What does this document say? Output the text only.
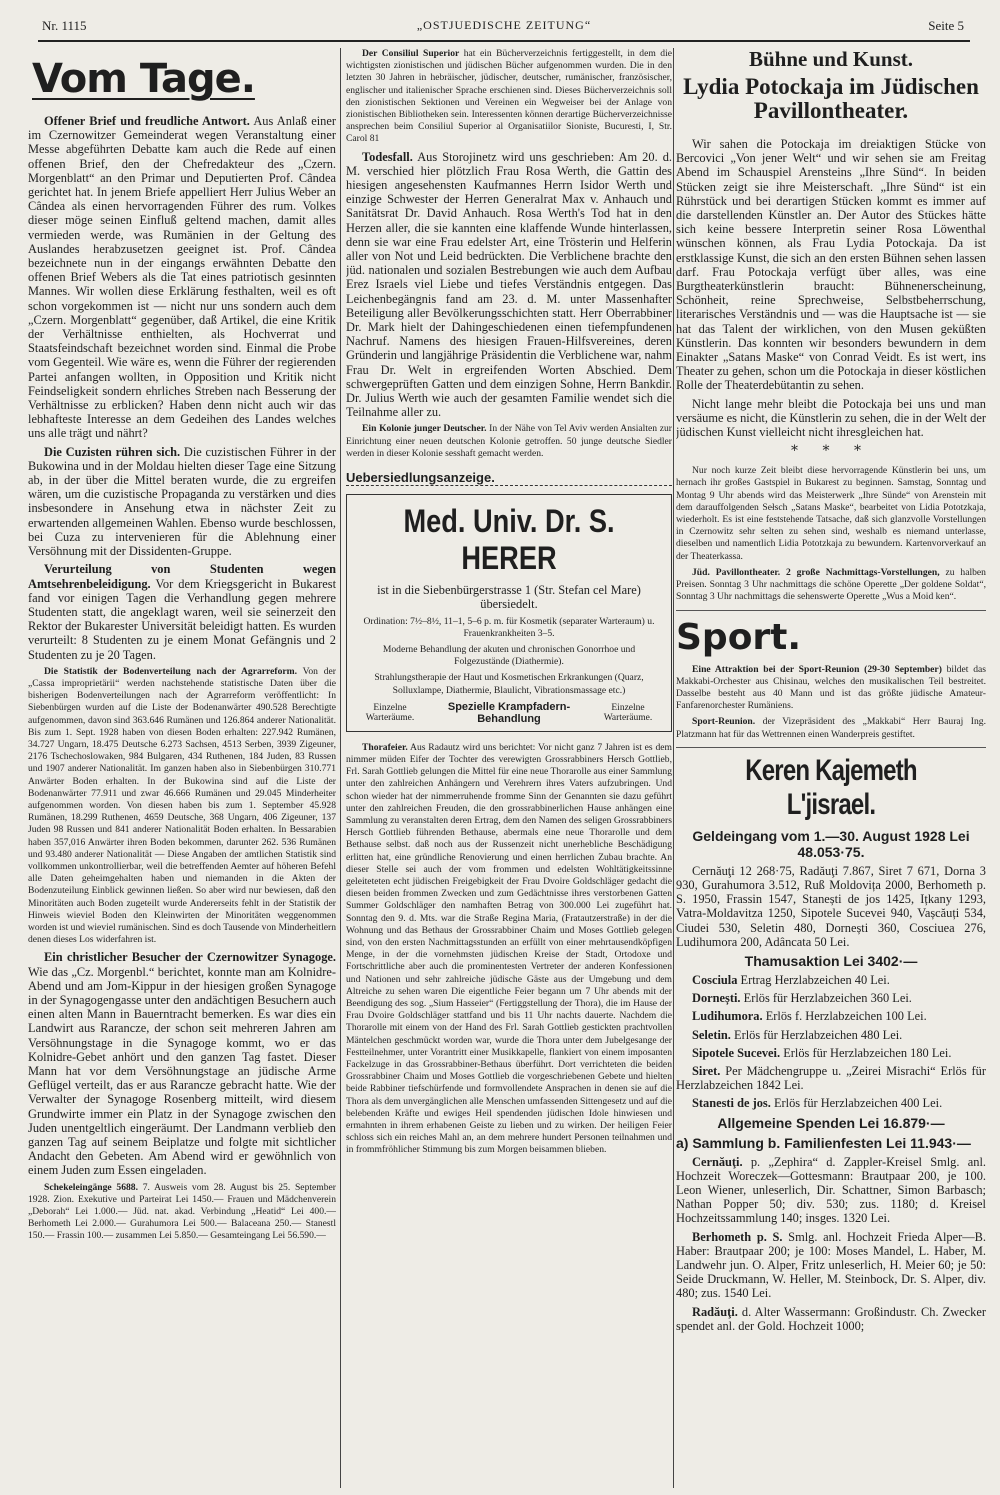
Nr. 1115	„OSTJUEDISCHE ZEITUNG“	Seite 5
Vom Tage.

Offener Brief und freudliche Antwort. Aus Anlaß einer im Czernowitzer Gemeinderat wegen Veranstaltung einer Messe abgeführten Debatte kam auch die Rede auf einen offenen Brief, den der Chefredakteur des „Czern. Morgenblatt“ an den Primar und Deputierten Prof. Cândea gerichtet hat. In jenem Briefe appelliert Herr Julius Weber an Cândea als einen hervorragenden Führer des rum. Volkes dieser möge seinen Einfluß geltend machen, damit alles vermieden werde, was Rumänien in der Geltung des Auslandes herabzusetzen geeignet ist. Prof. Cândea bezeichnete nun in der eingangs erwähnten Debatte den offenen Brief Webers als die Tat eines patriotisch gesinnten Mannes. Wir wollen diese Erklärung festhalten, weil es oft schon vorgekommen ist — nicht nur uns sondern auch dem „Czern. Morgenblatt“ gegenüber, daß Artikel, die eine Kritik der Verhältnisse enthielten, als Hochverrat und Staatsfeindschaft bezeichnet worden sind. Einmal die Probe vom Gegenteil. Wie wäre es, wenn die Führer der regierenden Partei anfangen wollten, in Opposition und Kritik nicht Feindseligkeit sondern ehrliches Streben nach Besserung der Verhältnisse zu erblicken? Haben denn nicht auch wir das lebhafteste Interesse an dem Gedeihen des Landes welches uns alle trägt und nährt?

Die Cuzisten rühren sich. Die cuzistischen Führer in der Bukowina und in der Moldau hielten dieser Tage eine Sitzung ab, in der über die Mittel beraten wurde, die zu ergreifen wären, um die cuzistische Propaganda zu verstärken und dies insbesondere in Ansehung etwa in nächster Zeit zu erwartenden allgemeinen Wahlen. Ebenso wurde beschlossen, bei Cuza zu intervenieren für die Ablehnung einer Versöhnung mit der Dissidenten-Gruppe.

Verurteilung von Studenten wegen Amtsehrenbeleidigung. Vor dem Kriegsgericht in Bukarest fand vor einigen Tagen die Verhandlung gegen mehrere Studenten statt, die angeklagt waren, weil sie seinerzeit den Rektor der Bukarester Universität beleidigt hatten. Es wurden verurteilt: 8 Studenten zu je einem Monat Gefängnis und 2 Studenten zu je 20 Tagen.

Die Statistik der Bodenverteilung nach der Agrarreform. Von der „Cassa improprietärii“ werden nachstehende statistische Daten über die bisherigen Bodenverteilungen nach der Agrarreform veröffentlicht: In Siebenbürgen wurden auf die Liste der Bodenanwärter 490.528 Berechtigte aufgenommen, davon sind 363.646 Rumänen und 126.864 anderer Nationalität. Bis zum 1. Sept. 1928 haben von diesen Boden erhalten: 227.942 Rumänen, 34.727 Ungarn, 18.475 Deutsche 6.273 Sachsen, 4513 Serben, 3939 Zigeuner, 2176 Tschechoslowaken, 984 Bulgaren, 434 Ruthenen, 184 Juden, 83 Russen und 1907 anderer Nationalität. Im ganzen haben also in Siebenbürgen 310.771 Anwärter Boden erhalten. In der Bukowina sind auf die Liste der Bodenanwärter 77.911 und zwar 46.666 Rumänen und 29.045 Minderheiter aufgenommen worden. Von diesen haben bis zum 1. September 45.928 Rumänen, 18.299 Ruthenen, 4659 Deutsche, 368 Ungarn, 406 Zigeuner, 137 Juden 98 Russen und 841 anderer Nationalität Boden erhalten. In Bessarabien haben 357,016 Anwärter ihren Boden bekommen, darunter 262. 536 Rumänen und 93.480 anderer Nationalität — Diese Angaben der amtlichen Statistik sind vollkommen unkontrollierbar, weil die betreffenden Aemter auf höheren Befehl alle Daten geheimgehalten haben und niemanden in die Akten der Bodenzuteilung Einblick gewinnen ließen. So aber wird nur bewiesen, daß den Minoritäten auch Boden zugeteilt wurde Andererseits fehlt in der Statistik der Hinweis wieviel Boden den Kleinwirten der Minoritäten weggenommen worden ist und wieviel rumänischen. Sind es doch Tausende von Minderheitlern denen dieses Los widerfahren ist.

Ein christlicher Besucher der Czernowitzer Synagoge. Wie das „Cz. Morgenbl.“ berichtet, konnte man am Kolnidre-Abend und am Jom-Kippur in der hiesigen großen Synagoge in der Synagogengasse unter den andächtigen Besuchern auch einen alten Mann in Bauerntracht bemerken. Es war dies ein Landwirt aus Rarancze, der schon seit mehreren Jahren am Versöhnungstage in die Synagoge kommt, wo er das Kolnidre-Gebet anhört und den ganzen Tag fastet. Dieser Mann hat vor dem Versöhnungstage an jüdische Arme Geflügel verteilt, das er aus Rarancze gebracht hatte. Wie der Verwalter der Synagoge Rosenberg mitteilt, wird diesem Grundwirte immer ein Platz in der Synagoge zwischen den Juden unentgeltlich eingeräumt. Der Landmann verblieb den ganzen Tag auf seinem Beiplatze und folgte mit sichtlicher Andacht den Gebeten. Am Abend wird er gewöhnlich von einem Juden zum Essen eingeladen.

Schekeleingänge 5688. 7. Ausweis vom 28. August bis 25. September 1928. Zion. Exekutive und Parteirat Lei 1450.— Frauen und Mädchenverein „Deborah“ Lei 1.000.— Jüd. nat. akad. Verbindung „Heatid“ Lei 400.— Berhometh Lei 2.000.— Gurahumora Lei 500.— Balaceana 250.— Stanestl 150.— Frassin 100.— zusammen Lei 5.850.— Gesamteingang Lei 56.590.—

Der Consiliul Superior hat ein Bücherverzeichnis fertiggestellt, in dem die wichtigsten zionistischen und jüdischen Bücher aufgenommen wurden. Die in den letzten 30 Jahren in hebräischer, jüdischer, deutscher, rumänischer, französischer, englischer und italienischer Sprache erschienen sind. Dieses Bücherverzeichnis soll den zionistischen Sektionen und Vereinen ein Wegweiser bei der Anlage von zionistischen Bibliotheken sein. Interessenten können derartige Bücherverzeichnisse ansprechen beim Consiliul Superior al Organisatiilor Sioniste, Bucuresti, I, Str. Carol 81

Todesfall. Aus Storojinetz wird uns geschrieben: Am 20. d. M. verschied hier plötzlich Frau Rosa Werth, die Gattin des hiesigen angesehensten Kaufmannes Herrn Isidor Werth und einzige Schwester der Herren Generalrat Max v. Anhauch und Sanitätsrat Dr. David Anhauch. Rosa Werth's Tod hat in den Herzen aller, die sie kannten eine klaffende Wunde hinterlassen, denn sie war eine Frau edelster Art, eine Trösterin und Helferin aller von Not und Leid bedrückten. Die Verblichene brachte den jüd. nationalen und sozialen Bestrebungen wie auch dem Aufbau Erez Israels viel Liebe und tiefes Verständnis entgegen. Das Leichenbegängnis fand am 23. d. M. unter Massenhafter Beteiligung aller Bevölkerungsschichten statt. Herr Oberrabbiner Dr. Mark hielt der Dahingeschiedenen einen tiefempfundenen Nachruf. Namens des hiesigen Frauen-Hilfsvereines, deren Gründerin und langjährige Präsidentin die Verblichene war, nahm Frau Dr. Welt in ergreifenden Worten Abschied. Dem schwergeprüften Gatten und dem einzigen Sohne, Herrn Bankdir. Dr. Julius Werth wie auch der gesamten Familie wendet sich die Teilnahme aller zu.

Ein Kolonie junger Deutscher. In der Nähe von Tel Aviv werden Ansialten zur Einrichtung einer neuen deutschen Kolonie getroffen. 50 junge deutsche Siedler werden in dieser Kolonie sesshaft gemacht werden.

Uebersiedlungsanzeige.
Med. Univ. Dr. S. HERER

ist in die Siebenbürgerstrasse 1 (Str. Stefan cel Mare) übersiedelt.

Ordination: 7½–8½, 11–1, 5–6 p. m. für Kosmetik (separater Warteraum) u. Frauenkrankheiten 3–5.

Moderne Behandlung der akuten und chronischen Gonorrhoe und Folgezustände (Diathermie).

Strahlungstherapie der Haut und Kosmetischen Erkrankungen (Quarz, Solluxlampe, Diathermie, Blaulicht, Vibrationsmassage etc.)

Einzelne Warteräume.
Spezielle Krampfadern-Behandlung
Einzelne Warteräume.

Thorafeier. Aus Radautz wird uns berichtet: Vor nicht ganz 7 Jahren ist es dem nimmer müden Eifer der Tochter des verewigten Grossrabbiners Hersch Gottlieb, Frl. Sarah Gottlieb gelungen die Mittel für eine neue Thorarolle aus einer Sammlung unter den zahlreichen Anhängern und Verehrern ihres Vaters aufzubringen. Und schon wieder hat der nimmerruhende fromme Sinn der Genannten sie dazu geführt unter den zahlreichen Freuden, die den grossrabbinerlichen Hause anhängen eine Sammlung zu veranstalten deren Ertrag, dem den Namen des seligen Grossrabbiners Hersch Gottlieb führenden Bethause, abermals eine neue Thorarolle und dem Bethause selbst. daß noch aus der Russenzeit nicht unerhebliche Beschädigung erlitten hat, eine gründliche Renovierung und einen herrlichen Zubau brachte. An dieser Stelle sei auch der vom frommen und edelsten Wohltätigkeitssinne geleiteteten echt jüdischen Freigebigkeit der Frau Dvoire Goldschläger gedacht die diesen beiden frommen Zwecken und zum Gedächtnisse ihres verstorbenen Gatten Summer Goldschläger den namhaften Betrag von 300.000 Lei zugeführt hat. Sonntag den 9. d. Mts. war die Straße Regina Maria, (Fratautzerstraße) in der die Wohnung und das Bethaus der Grossrabbiner Chaim und Moses Gottlieb gelegen sind, von den ersten Nachmittagsstunden an erfüllt von einer mehrtausendköpfigen Menge, in der die vornehmsten jüdischen Kreise der Stadt, Ortodoxe und Fortschrittliche aber auch die prominentesten Vertreter der anderen Konfessionen und Nationen und sehr zahlreiche jüdische Gäste aus der Umgebung und dem Altreiche zu sehen waren Die eigentliche Feier begann um 7 Uhr abends mit der Beendigung des sog. „Sium Hasseier“ (Fertiggstellung der Thora), die im Hause der Frau Dvoire Goldschläger stattfand und bis 11 Uhr nachts dauerte. Nachdem die Thorarolle mit einem von der Hand des Frl. Sarah Gottlieb gestickten prachtvollen Mäntelchen geschmückt worden war, wurde die Thora unter dem Jubelgesange der Festteilnehmer, unter Vorantritt einer Musikkapelle, flankiert von einem imposanten Fackelzuge in das Grossrabbiner-Bethaus überführt. Dort verrichteten die beiden Grossrabbiner Chaim und Moses Gottlieb die vorgeschriebenen Gebete und hielten beide Rabbiner tiefschürfende und formvollendete Ansprachen in denen sie auf die Thora als dem unvergänglichen alle Menschen umfassenden Sittengesetz und auf die belebenden Kräfte und ewiges Heil spendenden jüdischen Idole hinwiesen und ermahnten in ihrem erhabenen Geiste zu lieben und zu wirken. Der heiligen Feier schloss sich ein reiches Mahl an, an dem mehrere hundert Personen teilnahmen und in frommfröhlicher Stimmung bis zum Morgen beisammen blieben.

Bühne und Kunst.
Lydia Potockaja im Jüdischen Pavillontheater.

Wir sahen die Potockaja im dreiaktigen Stücke von Bercovici „Von jener Welt“ und wir sehen sie am Freitag Abend im Schauspiel Arensteins „Ihre Sünd“. In beiden Stücken zeigt sie ihre Meisterschaft. „Ihre Sünd“ ist ein Rührstück und bei derartigen Stücken kommt es immer auf die darstellenden Künstler an. Der Autor des Stückes hätte sich keine bessere Interpretin seiner Rosa Löwenthal wünschen können, als Frau Lydia Potockaja. Da ist erstklassige Kunst, die sich an den ersten Bühnen sehen lassen darf. Frau Potockaja verfügt über alles, was eine Burgtheaterkünstlerin braucht: Bühnenerscheinung, Schönheit, reine Sprechweise, Selbstbeherrschung, literarisches Verständnis und — was die Hauptsache ist — sie hat das Talent der wirklichen, von den Musen geküßten Künstlerin. Das konnten wir besonders bewundern in dem Einakter „Satans Maske“ von Conrad Veidt. Es ist wert, ins Theater zu gehen, schon um die Potockaja in dieser köstlichen Rolle der Theaterdebütantin zu sehen.

Nicht lange mehr bleibt die Potockaja bei uns und man versäume es nicht, die Künstlerin zu sehen, die in der Welt der jüdischen Kunst vielleicht nicht ihresgleichen hat.

* * *

Nur noch kurze Zeit bleibt diese hervorragende Künstlerin bei uns, um hernach ihr großes Gastspiel in Bukarest zu beginnen. Samstag, Sonntag und Montag 9 Uhr abends wird das Meisterwerk „Ihre Sünde“ von Arenstein mit dem darauffolgenden Sełsch „Satans Maske“, bearbeitet von Lidia Pototzkaja, wiederholt. Es ist eine feststehende Tatsache, daß sich glanzvolle Vorstellungen in Czernowitz sehr selten zu sehen sind, weshalb es niemand unterlasse, dieselben und namentlich Lidia Pototzkaja zu bewundern. Kartenvorverkauf an der Theaterkassa.

Jüd. Pavillontheater. 2 große Nachmittags-Vorstellungen, zu halben Preisen. Sonntag 3 Uhr nachmittags die schöne Operette „Der goldene Soldat“, Sonntag 3 Uhr nachmittags die sehenswerte Operette „Wus a Moid ken“.

Sport.

Eine Attraktion bei der Sport-Reunion (29-30 September) bildet das Makkabi-Orchester aus Chisinau, welches den musikalischen Teil bestreitet. Dasselbe besteht aus 40 Mann und ist das größte jüdische Amateur-Fanfarenorchester Rumäniens.

Sport-Reunion. der Vizepräsident des „Makkabi“ Herr Bauraj Ing. Platzmann hat für das Wettrennen einen Wanderpreis gestiftet.

Keren Kajemeth L'jisrael.

Geldeingang vom 1.—30. August 1928 Lei 48.053·75.

Cernăuţi 12 268·75, Radăuţi 7.867, Siret 7 671, Dorna 3 930, Gurahumora 3.512, Ruß Moldovița 2000, Berhometh p. S. 1950, Frassin 1547, Stanești de jos 1425, Ițkany 1293, Vatra-Moldavitza 1250, Sipotele Sucevei 940, Vașcăuți 534, Ciudei 530, Seletin 480, Dornești 360, Cosciuea 276, Ludihumora 200, Adâncata 50 Lei.

Thamusaktion Lei 3402·—

Cosciula Ertrag Herzlabzeichen 40 Lei.

Dornești. Erlös für Herzlabzeichen 360 Lei.

Ludihumora. Erlös f. Herzlabzeichen 100 Lei.

Seletin. Erlös für Herzlabzeichen 480 Lei.

Sipotele Sucevei. Erlös für Herzlabzeichen 180 Lei.

Siret. Per Mädchengruppe u. „Zeirei Misrachi“ Erlös für Herzlabzeichen 1842 Lei.

Stanesti de jos. Erlös für Herzlabzeichen 400 Lei.

Allgemeine Spenden Lei 16.879·—

a) Sammlung b. Familienfesten Lei 11.943·—

Cernăuţi. p. „Zephira“ d. Zappler-Kreisel Smlg. anl. Hochzeit Woreczek—Gottesmann: Brautpaar 200, je 100. Leon Wiener, unleserlich, Dir. Schattner, Simon Barbasch; Nathan Popper 50; div. 530; zus. 1180; d. Kreisel Hochzeitssammlung 140; insges. 1320 Lei.

Berhometh p. S. Smlg. anl. Hochzeit Frieda Alper—B. Haber: Brautpaar 200; je 100: Moses Mandel, L. Haber, M. Landwehr jun. O. Alper, Fritz unleserlich, H. Meier 60; je 50: Seide Druckmann, W. Heller, M. Steinbock, Dr. S. Alper, div. 480; zus. 1540 Lei.

Radăuţi. d. Alter Wassermann: Großindustr. Ch. Zwecker spendet anl. der Gold. Hochzeit 1000;
